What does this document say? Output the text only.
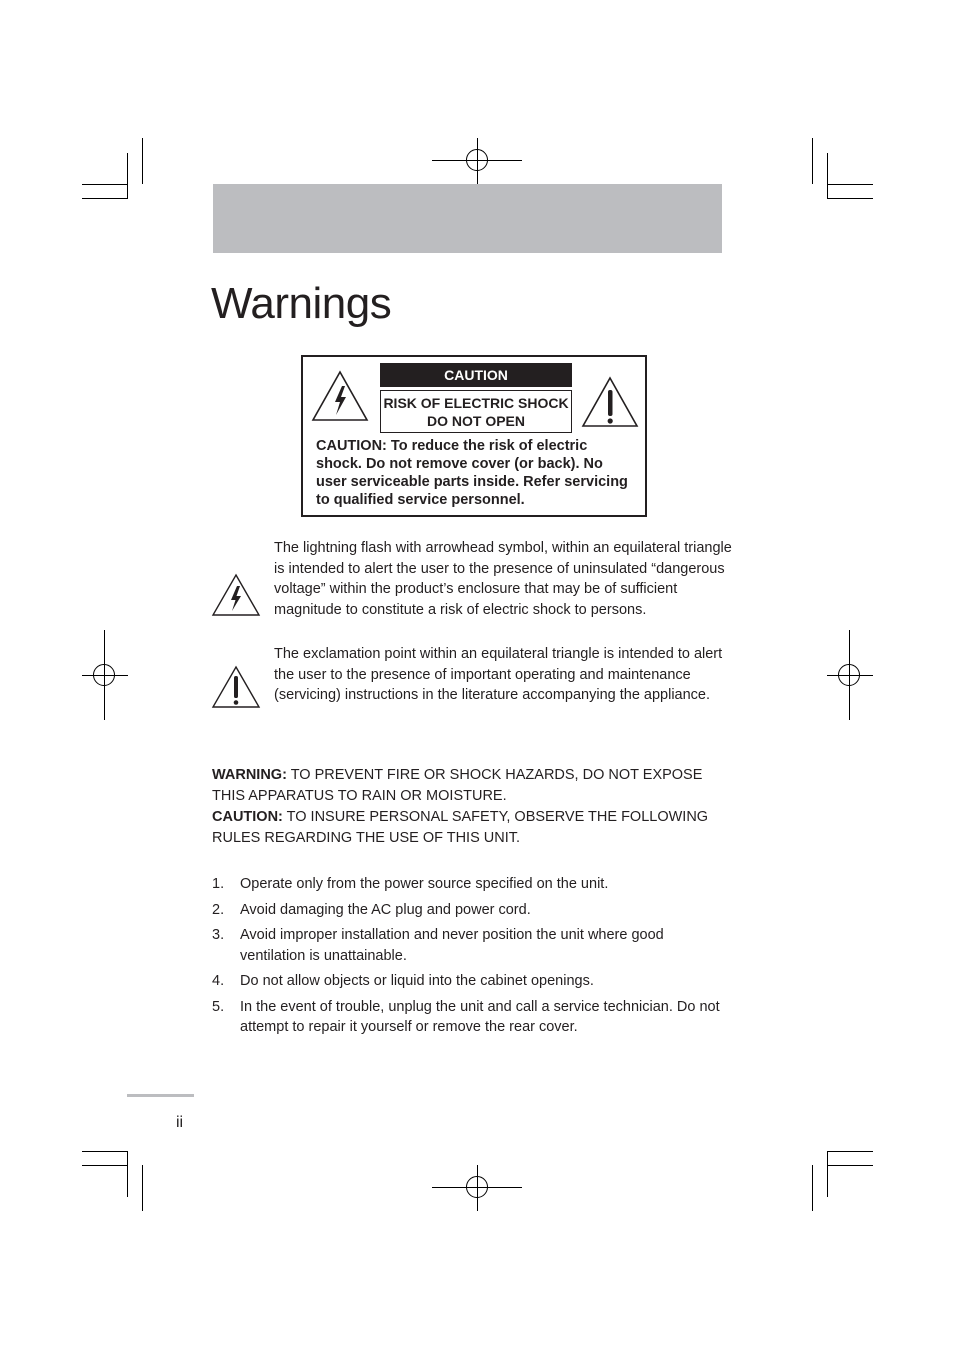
Warnings
CAUTION
RISK OF ELECTRIC SHOCK
DO NOT OPEN
CAUTION: To reduce the risk of electric shock. Do not remove cover (or back). No user serviceable parts inside. Refer servicing to qualified service personnel.
The lightning flash with arrowhead symbol, within an equilateral triangle is intended to alert the user to the presence of uninsulated “dangerous voltage” within the product’s enclosure that may be of sufficient magnitude to constitute a risk of electric shock to persons.
The exclamation point within an equilateral triangle is intended to alert the user to the presence of important operating and maintenance (servicing) instructions in the literature accompanying the appliance.
WARNING: TO PREVENT FIRE OR SHOCK HAZARDS, DO NOT EXPOSE THIS APPARATUS TO RAIN OR MOISTURE.
CAUTION: TO INSURE PERSONAL SAFETY, OBSERVE THE FOLLOWING RULES REGARDING THE USE OF THIS UNIT.
1. Operate only from the power source specified on the unit.
2. Avoid damaging the AC plug and power cord.
3. Avoid improper installation and never position the unit where good ventilation is unattainable.
4. Do not allow objects or liquid into the cabinet openings.
5. In the event of trouble, unplug the unit and call a service technician. Do not attempt to repair it yourself or remove the rear cover.
ii
